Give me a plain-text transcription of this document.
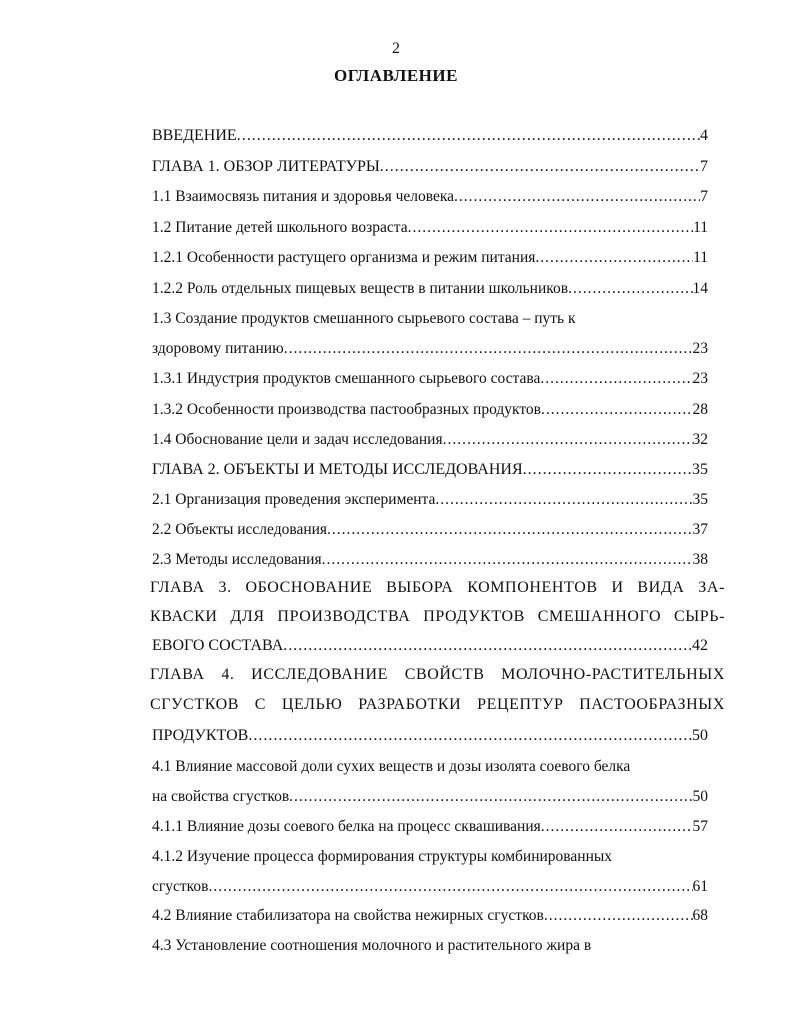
2
ОГЛАВЛЕНИЕ
ВВЕДЕНИЕ .....	4
ГЛАВА 1. ОБЗОР ЛИТЕРАТУРЫ .....	7
1.1 Взаимосвязь питания и здоровья человека .....	7
1.2 Питание детей школьного возраста .....	11
1.2.1 Особенности растущего организма и режим питания .....	11
1.2.2 Роль отдельных пищевых веществ в питании школьников .....	14
1.3 Создание продуктов смешанного сырьевого состава – путь к
здоровому питанию .....	23
1.3.1 Индустрия продуктов смешанного сырьевого состава .....	23
1.3.2 Особенности производства пастообразных продуктов .....	28
1.4 Обоснование цели и задач исследования .....	32
ГЛАВА 2. ОБЪЕКТЫ И МЕТОДЫ ИССЛЕДОВАНИЯ .....	35
2.1 Организация проведения эксперимента .....	35
2.2 Объекты исследования .....	37
2.3 Методы исследования .....	38
ГЛАВА 3. ОБОСНОВАНИЕ ВЫБОРА КОМПОНЕНТОВ И ВИДА ЗА-
КВАСКИ ДЛЯ ПРОИЗВОДСТВА ПРОДУКТОВ СМЕШАННОГО СЫРЬ-
ЕВОГО СОСТАВА .....	42
ГЛАВА 4. ИССЛЕДОВАНИЕ СВОЙСТВ МОЛОЧНО-РАСТИТЕЛЬНЫХ
СГУСТКОВ С ЦЕЛЬЮ РАЗРАБОТКИ РЕЦЕПТУР ПАСТООБРАЗНЫХ
ПРОДУКТОВ .....	50
4.1 Влияние массовой доли сухих веществ и дозы изолята соевого белка
на свойства сгустков .....	50
4.1.1 Влияние дозы соевого белка на процесс сквашивания .....	57
4.1.2 Изучение процесса формирования структуры комбинированных
сгустков .....	61
4.2 Влияние стабилизатора на свойства нежирных сгустков .....	68
4.3 Установление соотношения молочного и растительного жира в
